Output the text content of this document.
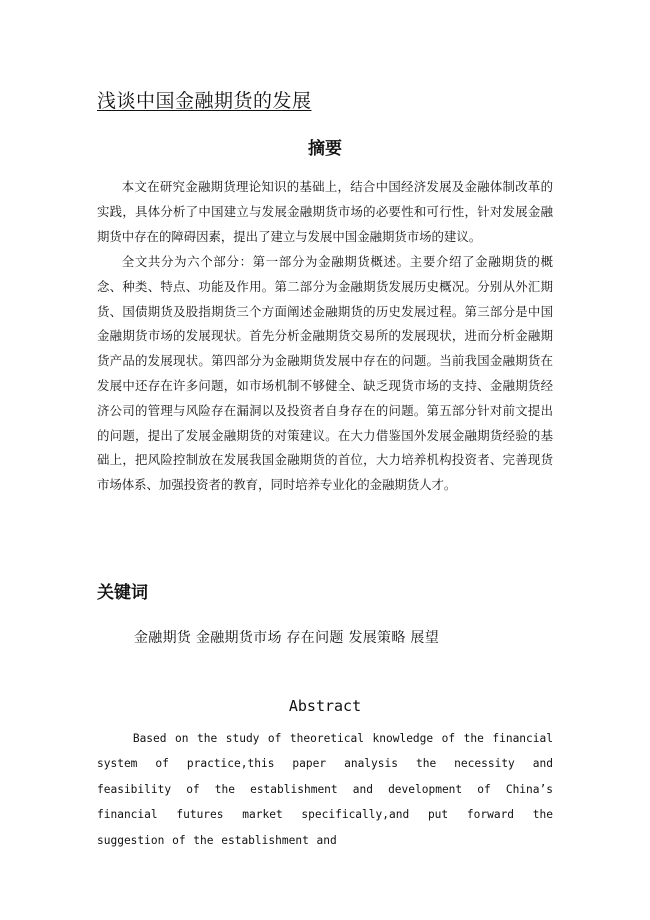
浅谈中国金融期货的发展
摘要

本文在研究金融期货理论知识的基础上，结合中国经济发展及金融体制改革的实践，具体分析了中国建立与发展金融期货市场的必要性和可行性，针对发展金融期货中存在的障碍因素，提出了建立与发展中国金融期货市场的建议。

全文共分为六个部分：第一部分为金融期货概述。主要介绍了金融期货的概念、种类、特点、功能及作用。第二部分为金融期货发展历史概况。分别从外汇期货、国债期货及股指期货三个方面阐述金融期货的历史发展过程。第三部分是中国金融期货市场的发展现状。首先分析金融期货交易所的发展现状，进而分析金融期货产品的发展现状。第四部分为金融期货发展中存在的问题。当前我国金融期货在发展中还存在许多问题，如市场机制不够健全、缺乏现货市场的支持、金融期货经济公司的管理与风险存在漏洞以及投资者自身存在的问题。第五部分针对前文提出的问题，提出了发展金融期货的对策建议。在大力借鉴国外发展金融期货经验的基础上，把风险控制放在发展我国金融期货的首位，大力培养机构投资者、完善现货市场体系、加强投资者的教育，同时培养专业化的金融期货人才。

关键词
金融期货 金融期货市场 存在问题 发展策略 展望
Abstract
Based on the study of theoretical knowledge of the financial system of practice,this paper analysis the necessity and feasibility of the establishment and development of China’s financial futures market specifically,and put forward the suggestion of the establishment and
